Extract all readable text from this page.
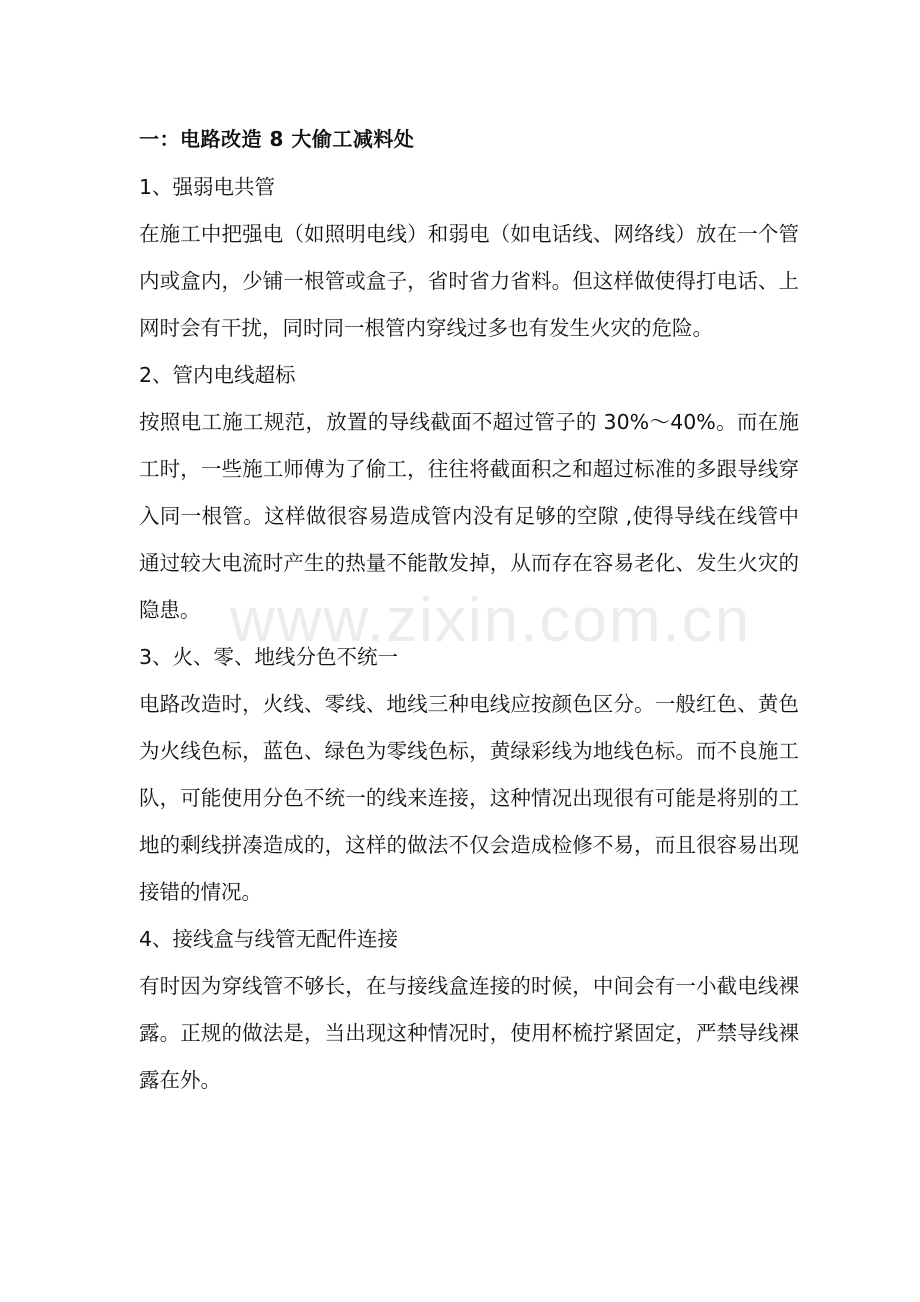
一：电路改造 8 大偷工减料处

1、强弱电共管

在施工中把强电（如照明电线）和弱电（如电话线、网络线）放在一个管内或盒内，少铺一根管或盒子，省时省力省料。但这样做使得打电话、上网时会有干扰，同时同一根管内穿线过多也有发生火灾的危险。

2、管内电线超标

按照电工施工规范，放置的导线截面不超过管子的 30%～40%。而在施工时，一些施工师傅为了偷工，往往将截面积之和超过标准的多跟导线穿入同一根管。这样做很容易造成管内没有足够的空隙 ,使得导线在线管中通过较大电流时产生的热量不能散发掉，从而存在容易老化、发生火灾的隐患。

3、火、零、地线分色不统一

电路改造时，火线、零线、地线三种电线应按颜色区分。一般红色、黄色为火线色标，蓝色、绿色为零线色标，黄绿彩线为地线色标。而不良施工队，可能使用分色不统一的线来连接，这种情况出现很有可能是将别的工地的剩线拼凑造成的，这样的做法不仅会造成检修不易，而且很容易出现接错的情况。

4、接线盒与线管无配件连接

有时因为穿线管不够长，在与接线盒连接的时候，中间会有一小截电线裸露。正规的做法是，当出现这种情况时，使用杯梳拧紧固定，严禁导线裸露在外。

www.zixin.com.cn
